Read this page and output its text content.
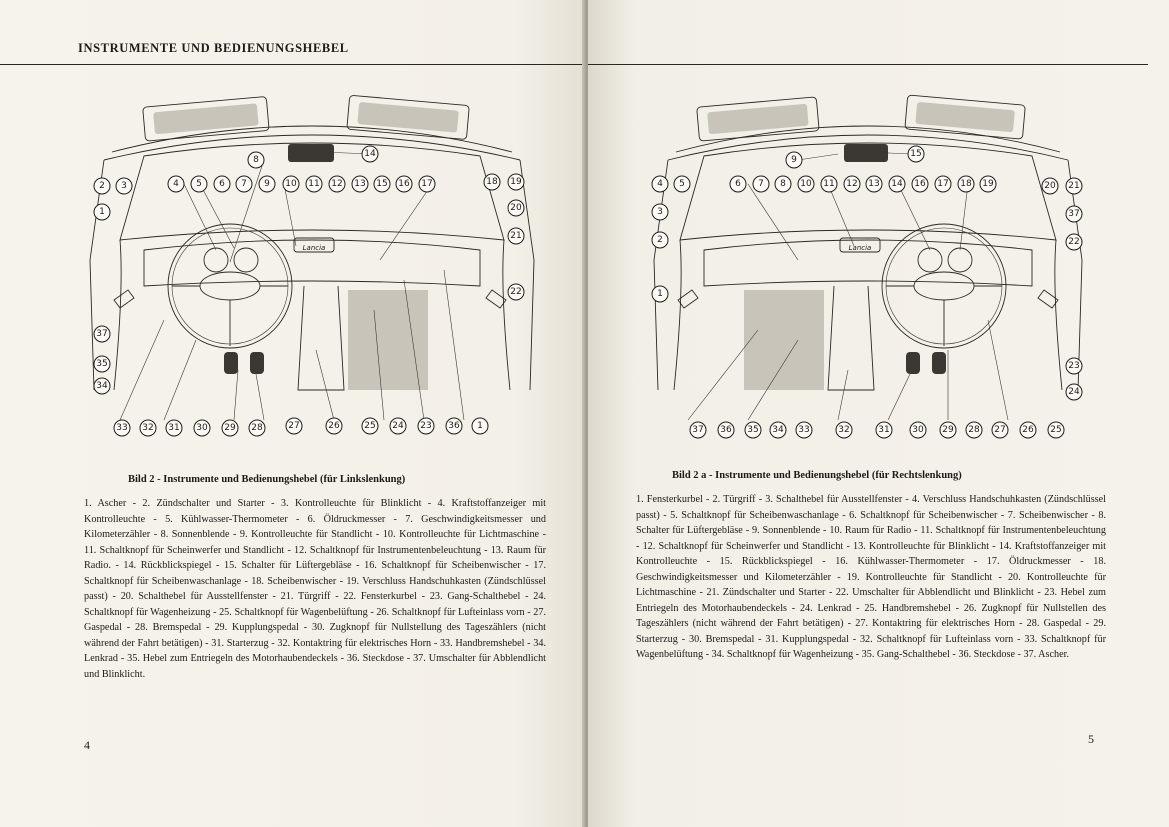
INSTRUMENTE UND BEDIENUNGSHEBEL
8
14
4 5 6 7 9 10 11 12 13 15 16 17
2 3
1
37
35
34
18 19
20
21
22
33 32 31 30 29 28	27	26	25 24 23 36 1
Lancia
Bild 2 - Instrumente und Bedienungshebel (für Linkslenkung)
1. Ascher - 2. Zündschalter und Starter - 3. Kontrolleuchte für Blinklicht - 4. Kraftstoffanzeiger mit Kontrolleuchte - 5. Kühlwasser-Thermometer - 6. Öldruckmesser - 7. Geschwindigkeitsmesser und Kilometerzähler - 8. Sonnenblende - 9. Kontrolleuchte für Standlicht - 10. Kontrolleuchte für Lichtmaschine - 11. Schaltknopf für Scheinwerfer und Standlicht - 12. Schaltknopf für Instrumentenbeleuchtung - 13. Raum für Radio. - 14. Rückblickspiegel - 15. Schalter für Lüftergebläse - 16. Schaltknopf für Scheibenwischer - 17. Schaltknopf für Scheibenwaschanlage - 18. Scheibenwischer - 19. Verschluss Handschuhkasten (Zündschlüssel passt) - 20. Schalthebel für Ausstellfenster - 21. Türgriff - 22. Fensterkurbel - 23. Gang-Schalthebel - 24. Schaltknopf für Wagenheizung - 25. Schaltknopf für Wagenbelüftung - 26. Schaltknopf für Lufteinlass vorn - 27. Gaspedal - 28. Bremspedal - 29. Kupplungspedal - 30. Zugknopf für Nullstellung des Tageszählers (nicht während der Fahrt betätigen) - 31. Starterzug - 32. Kontaktring für elektrisches Horn - 33. Handbremshebel - 34. Lenkrad - 35. Hebel zum Entriegeln des Motorhaubendeckels - 36. Steckdose - 37. Umschalter für Abblendlicht und Blinklicht.
4
9
15
6 7 8 10 11 12 13 14 16 17 18 19
4 5
3
2
1
20 21
37
22
23
24
37 36 35 34 33	32	31	30 29 28 27 26 25
Lancia
Bild 2 a - Instrumente und Bedienungshebel (für Rechtslenkung)
1. Fensterkurbel - 2. Türgriff - 3. Schalthebel für Ausstellfenster - 4. Verschluss Handschuhkasten (Zündschlüssel passt) - 5. Schaltknopf für Scheibenwaschanlage - 6. Schaltknopf für Scheibenwischer - 7. Scheibenwischer - 8. Schalter für Lüftergebläse - 9. Sonnenblende - 10. Raum für Radio - 11. Schaltknopf für Instrumentenbeleuchtung - 12. Schaltknopf für Scheinwerfer und Standlicht - 13. Kontrolleuchte für Blinklicht - 14. Kraftstoffanzeiger mit Kontrolleuchte - 15. Rückblickspiegel - 16. Kühlwasser-Thermometer - 17. Öldruckmesser - 18. Geschwindigkeitsmesser und Kilometerzähler - 19. Kontrolleuchte für Standlicht - 20. Kontrolleuchte für Lichtmaschine - 21. Zündschalter und Starter - 22. Umschalter für Abblendlicht und Blinklicht - 23. Hebel zum Entriegeln des Motorhaubendeckels - 24. Lenkrad - 25. Handbremshebel - 26. Zugknopf für Nullstellen des Tageszählers (nicht während der Fahrt betätigen) - 27. Kontaktring für elektrisches Horn - 28. Gaspedal - 29. Starterzug - 30. Bremspedal - 31. Kupplungspedal - 32. Schaltknopf für Lufteinlass vorn - 33. Schaltknopf für Wagenbelüftung - 34. Schaltknopf für Wagenheizung - 35. Gang-Schalthebel - 36. Steckdose - 37. Ascher.
5
